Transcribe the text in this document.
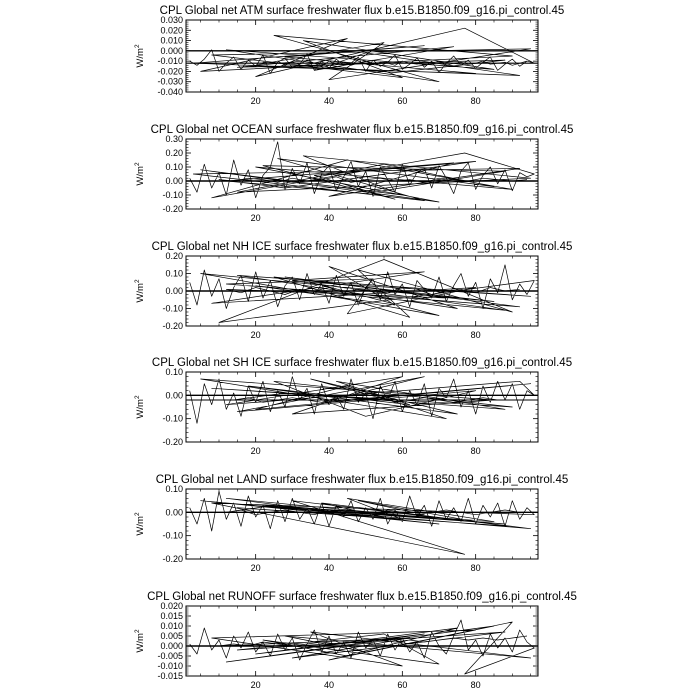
CPL Global net ATM surface freshwater flux b.e15.B1850.f09_g16.pi_control.45
0.030
0.020
0.010
0.000
-0.010
-0.020
-0.030
-0.040
20	40	60	80
$W/m^2$
CPL Global net OCEAN surface freshwater flux b.e15.B1850.f09_g16.pi_control.45
0.30
0.20
0.10
0.00
-0.10
-0.20
20	40	60	80
$W/m^2$
CPL Global net NH ICE surface freshwater flux b.e15.B1850.f09_g16.pi_control.45
0.20
0.10
0.00
-0.10
-0.20
20	40	60	80
$W/m^2$
CPL Global net SH ICE surface freshwater flux b.e15.B1850.f09_g16.pi_control.45
0.10
0.00
-0.10
-0.20
20	40	60	80
$W/m^2$
CPL Global net LAND surface freshwater flux b.e15.B1850.f09_g16.pi_control.45
0.10
0.00
-0.10
-0.20
20	40	60	80
$W/m^2$
CPL Global net RUNOFF surface freshwater flux b.e15.B1850.f09_g16.pi_control.45
0.020
0.015
0.010
0.005
0.000
-0.005
-0.010
-0.015
20	40	60	80
$W/m^2$
